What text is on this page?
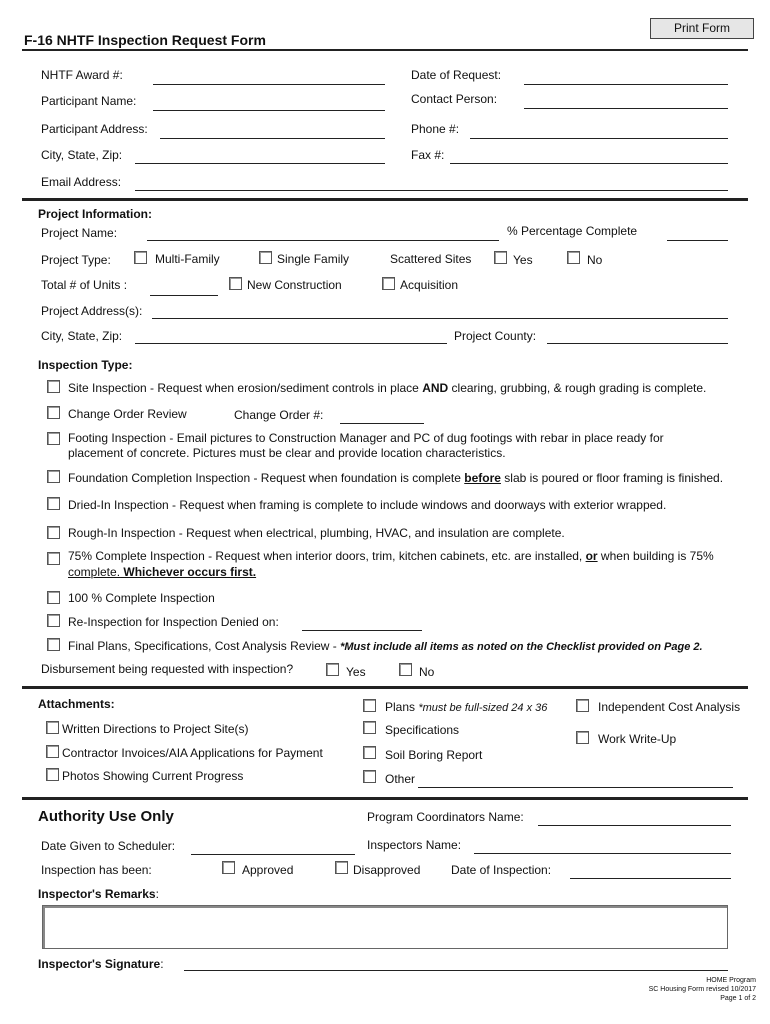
F-16 NHTF Inspection Request Form
Print Form
NHTF Award #:	Date of Request:
Participant Name:	Contact Person:
Participant Address:	Phone #:
City, State, Zip:	Fax #:
Email Address:
Project Information:
Project Name:	% Percentage Complete
Project Type:	Multi-Family	Single Family	Scattered Sites	Yes	No
Total # of Units :	New Construction	Acquisition
Project Address(s):
City, State, Zip:	Project County:
Inspection Type:
Site Inspection - Request when erosion/sediment controls in place AND clearing, grubbing, & rough grading is complete.
Change Order Review	Change Order #:
Footing Inspection - Email pictures to Construction Manager and PC of dug footings with rebar in place ready for
placement of concrete. Pictures must be clear and provide location characteristics.
Foundation Completion Inspection - Request when foundation is complete before slab is poured or floor framing is finished.
Dried-In Inspection - Request when framing is complete to include windows and doorways with exterior wrapped.
Rough-In Inspection - Request when electrical, plumbing, HVAC, and insulation are complete.
75% Complete Inspection - Request when interior doors, trim, kitchen cabinets, etc. are installed, or when building is 75%
complete. Whichever occurs first.
100 % Complete Inspection
Re-Inspection for Inspection Denied on:
Final Plans, Specifications, Cost Analysis Review - *Must include all items as noted on the Checklist provided on Page 2.
Disbursement being requested with inspection?	Yes	No
Attachments:
Written Directions to Project Site(s)
Contractor Invoices/AIA Applications for Payment
Photos Showing Current Progress
Plans *must be full-sized 24 x 36
Specifications
Soil Boring Report
Other
Independent Cost Analysis
Work Write-Up
Authority Use Only	Program Coordinators Name:
Date Given to Scheduler:	Inspectors Name:
Inspection has been:	Approved	Disapproved	Date of Inspection:
Inspector's Remarks:
Inspector's Signature:
HOME Program
SC Housing Form revised 10/2017
Page 1 of 2
